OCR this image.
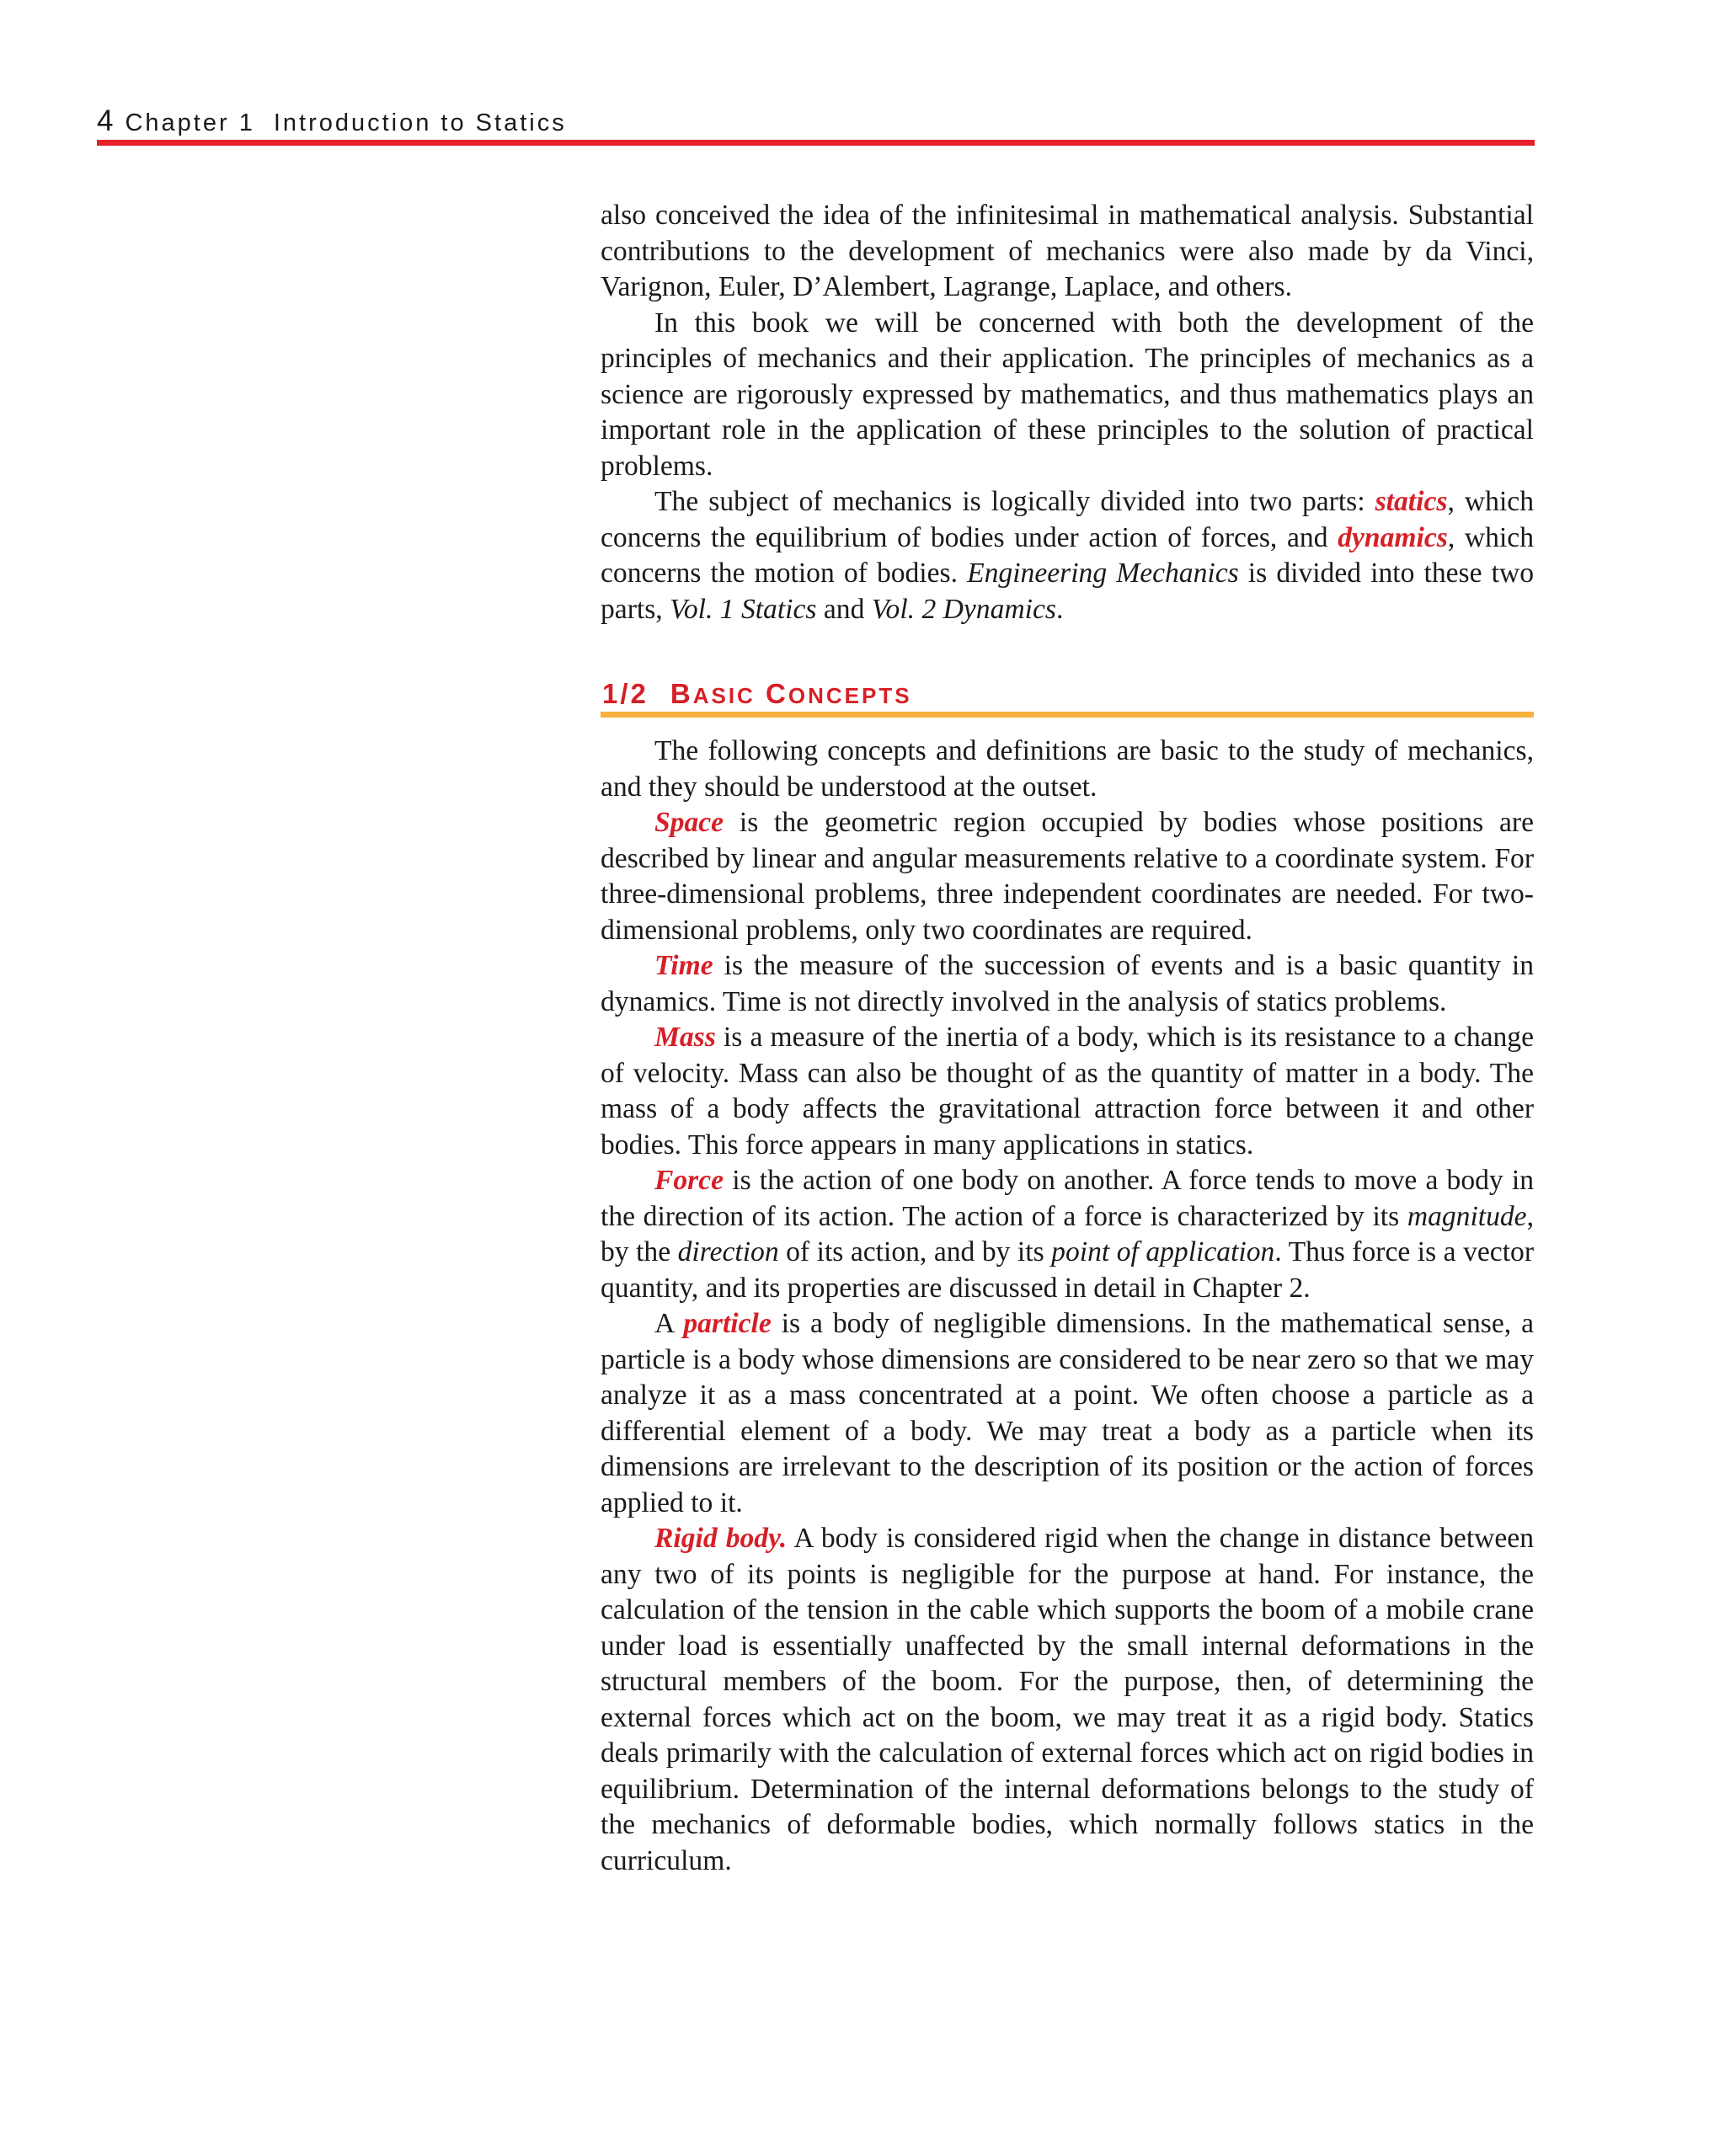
4 Chapter 1 Introduction to Statics

also conceived the idea of the infinitesimal in mathematical analysis. Substantial contributions to the development of mechanics were also made by da Vinci, Varignon, Euler, D’Alembert, Lagrange, Laplace, and others.

In this book we will be concerned with both the development of the principles of mechanics and their application. The principles of mechanics as a science are rigorously expressed by mathematics, and thus mathematics plays an important role in the application of these principles to the solution of practical problems.

The subject of mechanics is logically divided into two parts: statics, which concerns the equilibrium of bodies under action of forces, and dynamics, which concerns the motion of bodies. Engineering Mechanics is divided into these two parts, Vol. 1 Statics and Vol. 2 Dynamics.

1/2 BASIC CONCEPTS

The following concepts and definitions are basic to the study of mechanics, and they should be understood at the outset.

Space is the geometric region occupied by bodies whose positions are described by linear and angular measurements relative to a coordinate system. For three-dimensional problems, three independent coordinates are needed. For two-dimensional problems, only two coordinates are required.

Time is the measure of the succession of events and is a basic quantity in dynamics. Time is not directly involved in the analysis of statics problems.

Mass is a measure of the inertia of a body, which is its resistance to a change of velocity. Mass can also be thought of as the quantity of matter in a body. The mass of a body affects the gravitational attraction force between it and other bodies. This force appears in many applications in statics.

Force is the action of one body on another. A force tends to move a body in the direction of its action. The action of a force is characterized by its magnitude, by the direction of its action, and by its point of application. Thus force is a vector quantity, and its properties are discussed in detail in Chapter 2.

A particle is a body of negligible dimensions. In the mathematical sense, a particle is a body whose dimensions are considered to be near zero so that we may analyze it as a mass concentrated at a point. We often choose a particle as a differential element of a body. We may treat a body as a particle when its dimensions are irrelevant to the description of its position or the action of forces applied to it.

Rigid body. A body is considered rigid when the change in distance between any two of its points is negligible for the purpose at hand. For instance, the calculation of the tension in the cable which supports the boom of a mobile crane under load is essentially unaffected by the small internal deformations in the structural members of the boom. For the purpose, then, of determining the external forces which act on the boom, we may treat it as a rigid body. Statics deals primarily with the calculation of external forces which act on rigid bodies in equilibrium. Determination of the internal deformations belongs to the study of the mechanics of deformable bodies, which normally follows statics in the curriculum.
